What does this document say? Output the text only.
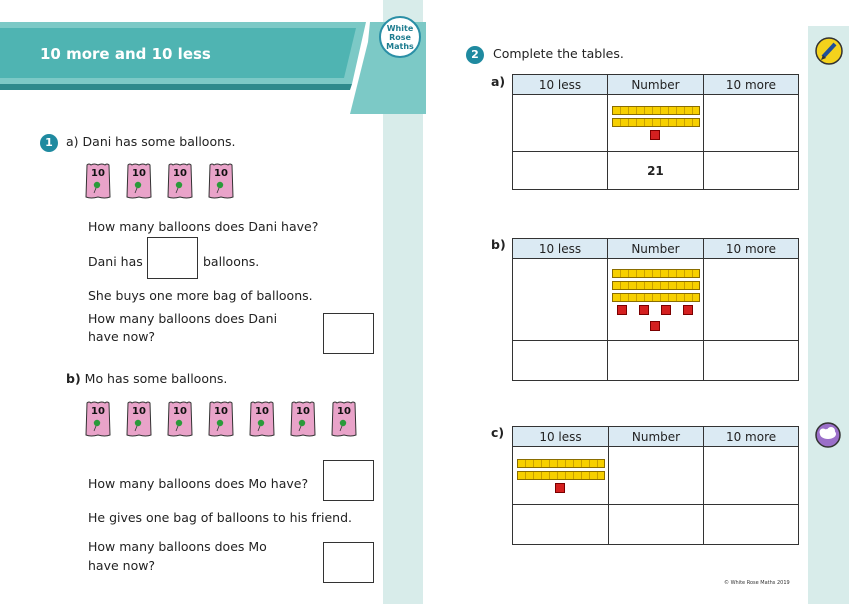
10 more and 10 less
White
Rose
Maths
1	a) Dani has some balloons.
10	10	10	10
How many balloons does Dani have?
Dani has	balloons.
She buys one more bag of balloons.
How many balloons does Dani
have now?
b) Mo has some balloons.
10	10	10	10	10	10	10
How many balloons does Mo have?
He gives one bag of balloons to his friend.
How many balloons does Mo
have now?
2	Complete the tables.
a)	10 less	Number	10 more

	21	
b)	10 less	Number	10 more

c)	10 less	Number	10 more

© White Rose Maths 2019
